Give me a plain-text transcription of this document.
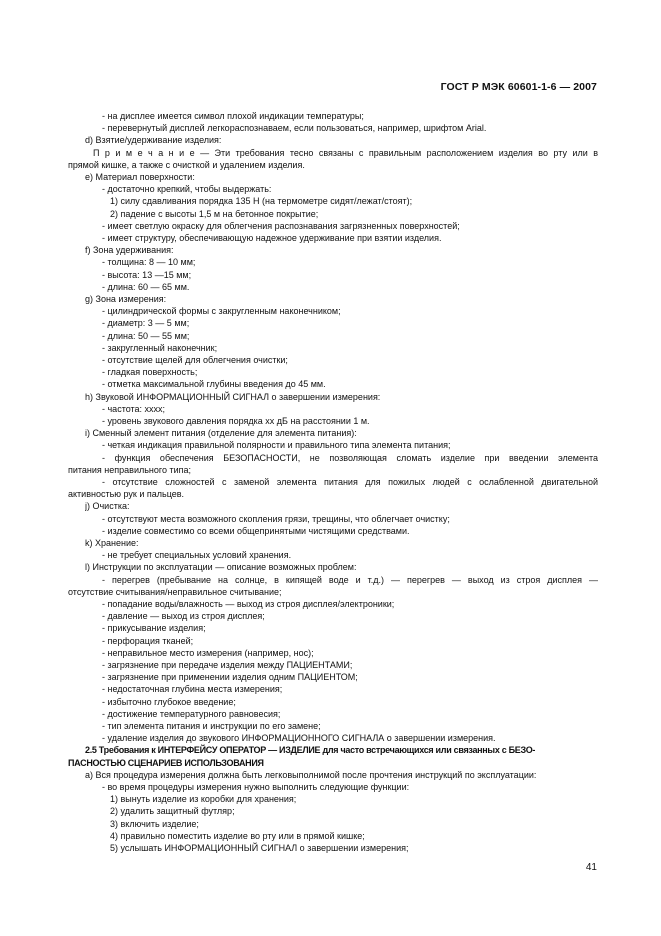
ГОСТ Р МЭК 60601-1-6 — 2007
- на дисплее имеется символ плохой индикации температуры;
- перевернутый дисплей легкораспознаваем, если пользоваться, например, шрифтом Arial.
d) Взятие/удерживание изделия:
П р и м е ч а н и е — Эти требования тесно связаны с правильным расположением изделия во рту или в
прямой кишке, а также с очисткой и удалением изделия.
e) Материал поверхности:
- достаточно крепкий, чтобы выдержать:
1) силу сдавливания порядка 135 Н (на термометре сидят/лежат/стоят);
2) падение с высоты 1,5 м на бетонное покрытие;
- имеет светлую окраску для облегчения распознавания загрязненных поверхностей;
- имеет структуру, обеспечивающую надежное удерживание при взятии изделия.
f) Зона удерживания:
- толщина: 8 — 10 мм;
- высота: 13 —15 мм;
- длина: 60 — 65 мм.
g) Зона измерения:
- цилиндрической формы с закругленным наконечником;
- диаметр: 3 — 5 мм;
- длина: 50 — 55 мм;
- закругленный наконечник;
- отсутствие щелей для облегчения очистки;
- гладкая поверхность;
- отметка максимальной глубины введения до 45 мм.
h) Звуковой ИНФОРМАЦИОННЫЙ СИГНАЛ о завершении измерения:
- частота: хххх;
- уровень звукового давления порядка хх дБ на расстоянии 1 м.
i) Сменный элемент питания (отделение для элемента питания):
- четкая индикация правильной полярности и правильного типа элемента питания;
- функция обеспечения БЕЗОПАСНОСТИ, не позволяющая сломать изделие при введении элемента
питания неправильного типа;
- отсутствие сложностей с заменой элемента питания для пожилых людей с ослабленной двигательной
активностью рук и пальцев.
j) Очистка:
- отсутствуют места возможного скопления грязи, трещины, что облегчает очистку;
- изделие совместимо со всеми общепринятыми чистящими средствами.
k) Хранение:
- не требует специальных условий хранения.
l) Инструкции по эксплуатации — описание возможных проблем:
- перегрев (пребывание на солнце, в кипящей воде и т.д.) — перегрев — выход из строя дисплея —
отсутствие считывания/неправильное считывание;
- попадание воды/влажность — выход из строя дисплея/электроники;
- давление — выход из строя дисплея;
- прикусывание изделия;
- перфорация тканей;
- неправильное место измерения (например, нос);
- загрязнение при передаче изделия между ПАЦИЕНТАМИ;
- загрязнение при применении изделия одним ПАЦИЕНТОМ;
- недостаточная глубина места измерения;
- избыточно глубокое введение;
- достижение температурного равновесия;
- тип элемента питания и инструкции по его замене;
- удаление изделия до звукового ИНФОРМАЦИОННОГО СИГНАЛА о завершении измерения.
2.5 Требования к ИНТЕРФЕЙСУ ОПЕРАТОР — ИЗДЕЛИЕ для часто встречающихся или связанных с БЕЗО-
ПАСНОСТЬЮ СЦЕНАРИЕВ ИСПОЛЬЗОВАНИЯ
a) Вся процедура измерения должна быть легковыполнимой после прочтения инструкций по эксплуатации:
- во время процедуры измерения нужно выполнить следующие функции:
1) вынуть изделие из коробки для хранения;
2) удалить защитный футляр;
3) включить изделие;
4) правильно поместить изделие во рту или в прямой кишке;
5) услышать ИНФОРМАЦИОННЫЙ СИГНАЛ о завершении измерения;
41
